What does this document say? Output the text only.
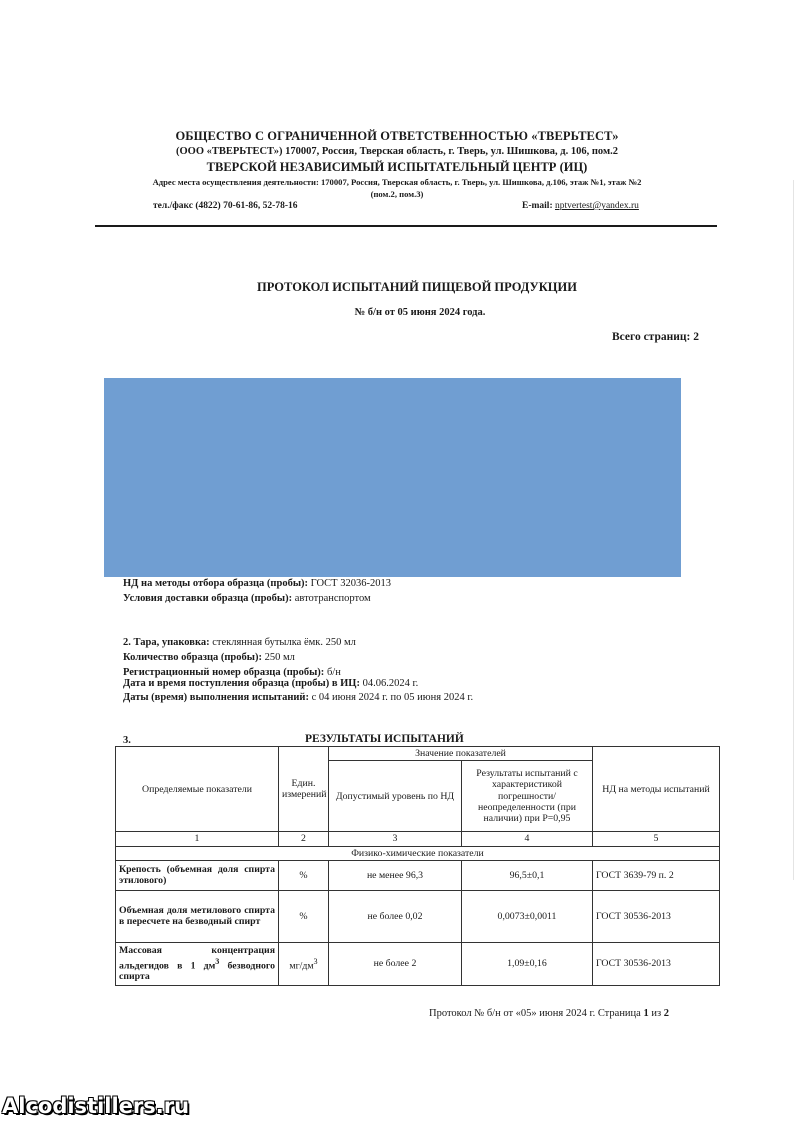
ОБЩЕСТВО С ОГРАНИЧЕННОЙ ОТВЕТСТВЕННОСТЬЮ «ТВЕРЬТЕСТ»
(ООО «ТВЕРЬТЕСТ») 170007, Россия, Тверская область, г. Тверь, ул. Шишкова, д. 106, пом.2
ТВЕРСКОЙ НЕЗАВИСИМЫЙ ИСПЫТАТЕЛЬНЫЙ ЦЕНТР (ИЦ)
Адрес места осуществления деятельности: 170007, Россия, Тверская область, г. Тверь, ул. Шишкова, д.106, этаж №1, этаж №2
(пом.2, пом.3)
тел./факс (4822) 70-61-86, 52-78-16	E-mail: nptvertest@yandex.ru
ПРОТОКОЛ ИСПЫТАНИЙ ПИЩЕВОЙ ПРОДУКЦИИ
№ б/н от 05 июня 2024 года.
Всего страниц: 2
НД на методы отбора образца (пробы): ГОСТ 32036-2013
Условия доставки образца (пробы): автотранспортом
2. Тара, упаковка: стеклянная бутылка ёмк. 250 мл
Количество образца (пробы): 250 мл
Регистрационный номер образца (пробы): б/н
Дата и время поступления образца (пробы) в ИЦ: 04.06.2024 г.
Даты (время) выполнения испытаний: с 04 июня 2024 г. по 05 июня 2024 г.
3.	РЕЗУЛЬТАТЫ ИСПЫТАНИЙ
Определяемые показатели	Един. измерений	Значение показателей		НД на методы испытаний
		Допустимый уровень по НД	Результаты испытаний с характеристикой погрешности/ неопределенности (при наличии) при Р=0,95	
1	2	3	4	5
Физико-химические показатели				
Крепость (объемная доля спирта этилового)	%	не менее 96,3	96,5±0,1	ГОСТ 3639-79 п. 2
Объемная доля метилового спирта в пересчете на безводный спирт	%	не более 0,02	0,0073±0,0011	ГОСТ 30536-2013
Массовая концентрация альдегидов в 1 $дм^3$ безводного спирта	$мг/дм^3$	не более 2	1,09±0,16	ГОСТ 30536-2013
Протокол № б/н от «05» июня 2024 г. Страница 1 из 2
Alcodistillers.ru
